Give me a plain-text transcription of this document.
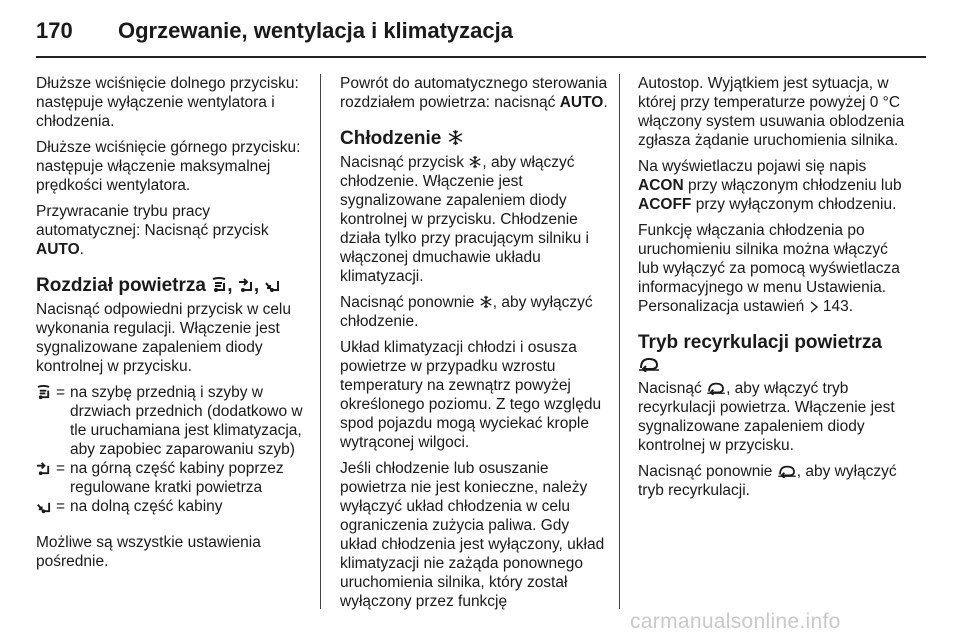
170 Ogrzewanie, wentylacja i klimatyzacja

Dłuższe wciśnięcie dolnego przycisku: następuje wyłączenie wentylatora i chłodzenia.

Dłuższe wciśnięcie górnego przycisku: następuje włączenie maksymalnej prędkości wentylatora.

Przywracanie trybu pracy automatycznej: Nacisnąć przycisk AUTO.

Rozdział powietrza , ,

Nacisnąć odpowiedni przycisk w celu wykonania regulacji. Włączenie jest sygnalizowane zapaleniem diody kontrolnej w przycisku.

= na szybę przednią i szyby w drzwiach przednich (dodatkowo w tle uruchamiana jest klimatyzacja, aby zapobiec zaparowaniu szyb)
= na górną część kabiny poprzez regulowane kratki powietrza
= na dolną część kabiny

Możliwe są wszystkie ustawienia pośrednie.

Powrót do automatycznego sterowania rozdziałem powietrza: nacisnąć AUTO.

Chłodzenie

Nacisnąć przycisk , aby włączyć chłodzenie. Włączenie jest sygnalizowane zapaleniem diody kontrolnej w przycisku. Chłodzenie działa tylko przy pracującym silniku i włączonej dmuchawie układu klimatyzacji.

Nacisnąć ponownie , aby wyłączyć chłodzenie.

Układ klimatyzacji chłodzi i osusza powietrze w przypadku wzrostu temperatury na zewnątrz powyżej określonego poziomu. Z tego względu spod pojazdu mogą wyciekać krople wytrąconej wilgoci.

Jeśli chłodzenie lub osuszanie powietrza nie jest konieczne, należy wyłączyć układ chłodzenia w celu ograniczenia zużycia paliwa. Gdy układ chłodzenia jest wyłączony, układ klimatyzacji nie zażąda ponownego uruchomienia silnika, który został wyłączony przez funkcję

Autostop. Wyjątkiem jest sytuacja, w której przy temperaturze powyżej 0 °C włączony system usuwania oblodzenia zgłasza żądanie uruchomienia silnika.

Na wyświetlaczu pojawi się napis ACON przy włączonym chłodzeniu lub ACOFF przy wyłączonym chłodzeniu.

Funkcję włączania chłodzenia po uruchomieniu silnika można włączyć lub wyłączyć za pomocą wyświetlacza informacyjnego w menu Ustawienia. Personalizacja ustawień  143.

Tryb recyrkulacji powietrza

Nacisnąć , aby włączyć tryb recyrkulacji powietrza. Włączenie jest sygnalizowane zapaleniem diody kontrolnej w przycisku.

Nacisnąć ponownie , aby wyłączyć tryb recyrkulacji.

carmanualsonline.info
